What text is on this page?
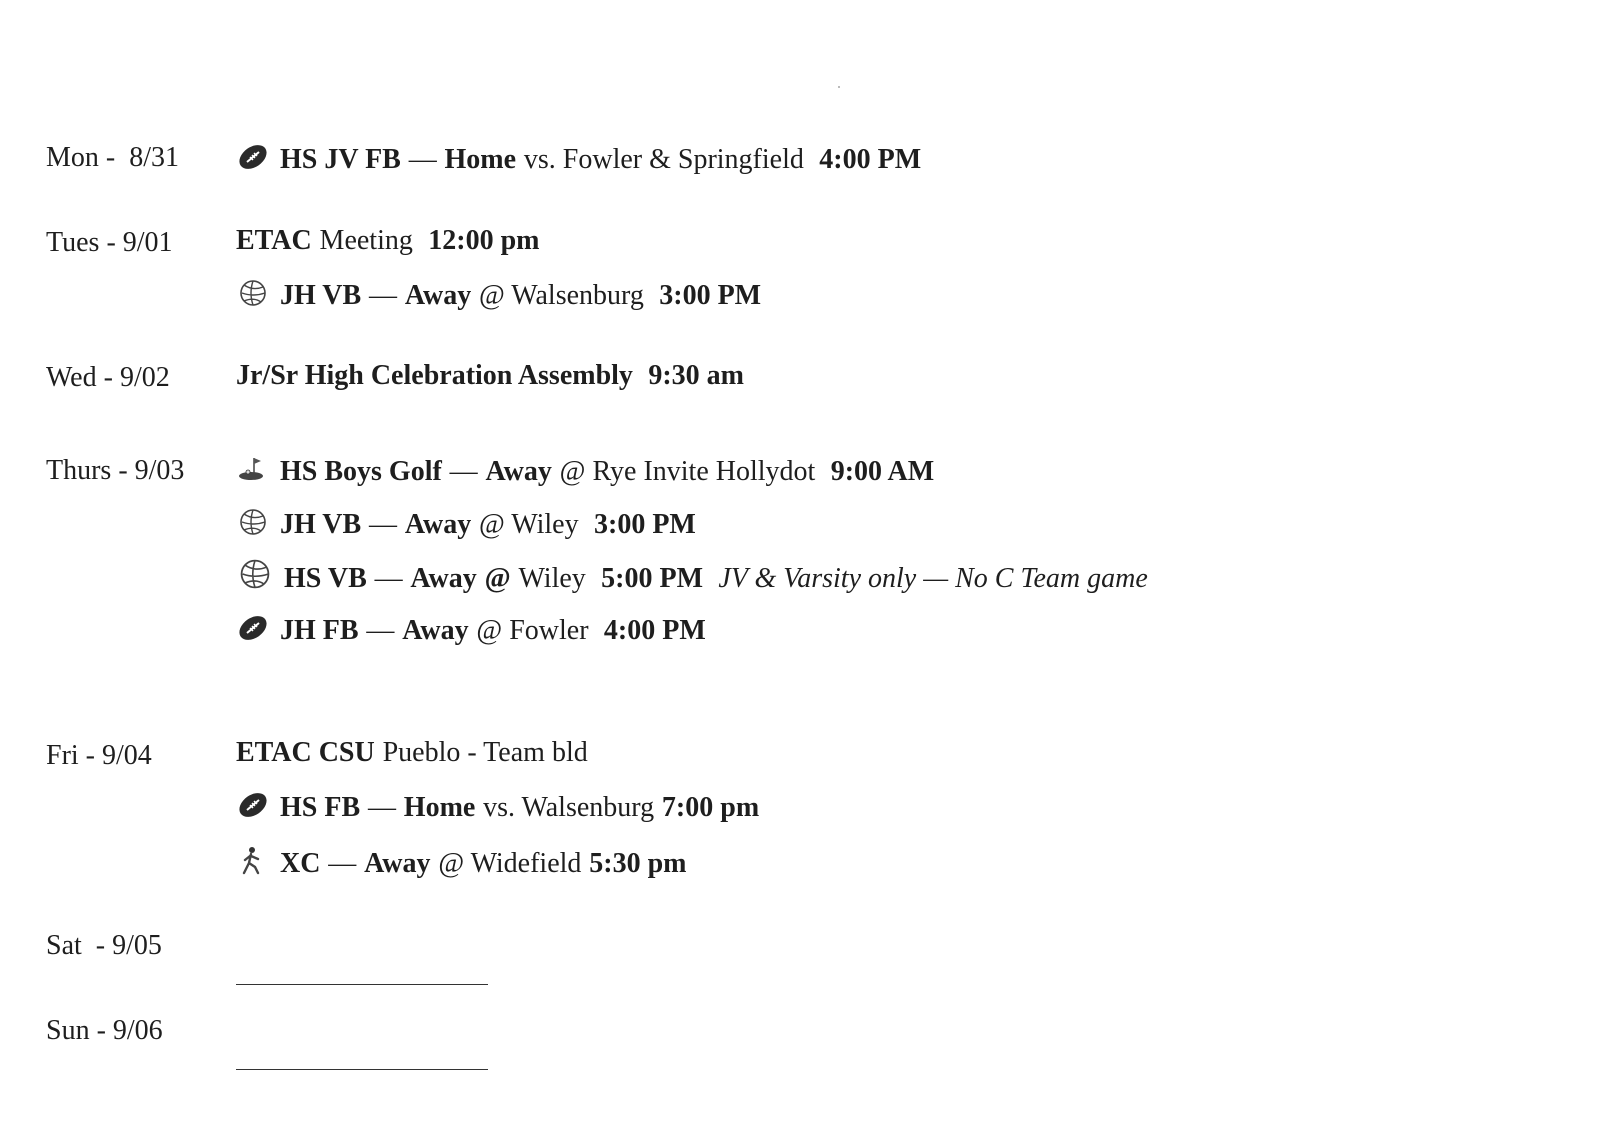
Mon -  8/31
Tues - 9/01
Wed - 9/02
Thurs - 9/03
Fri - 9/04
Sat  - 9/05
Sun - 9/06
HS JV FB — Home vs. Fowler & Springfield 4:00 PM
ETAC Meeting 12:00 pm
JH VB — Away @ Walsenburg 3:00 PM
Jr/Sr High Celebration Assembly 9:30 am
HS Boys Golf — Away @ Rye Invite Hollydot 9:00 AM
JH VB — Away @ Wiley 3:00 PM
HS VB — Away @ Wiley 5:00 PM JV & Varsity only — No C Team game
JH FB — Away @ Fowler 4:00 PM
ETAC CSU Pueblo - Team bld
HS FB — Home vs. Walsenburg 7:00 pm
XC — Away @ Widefield 5:30 pm
